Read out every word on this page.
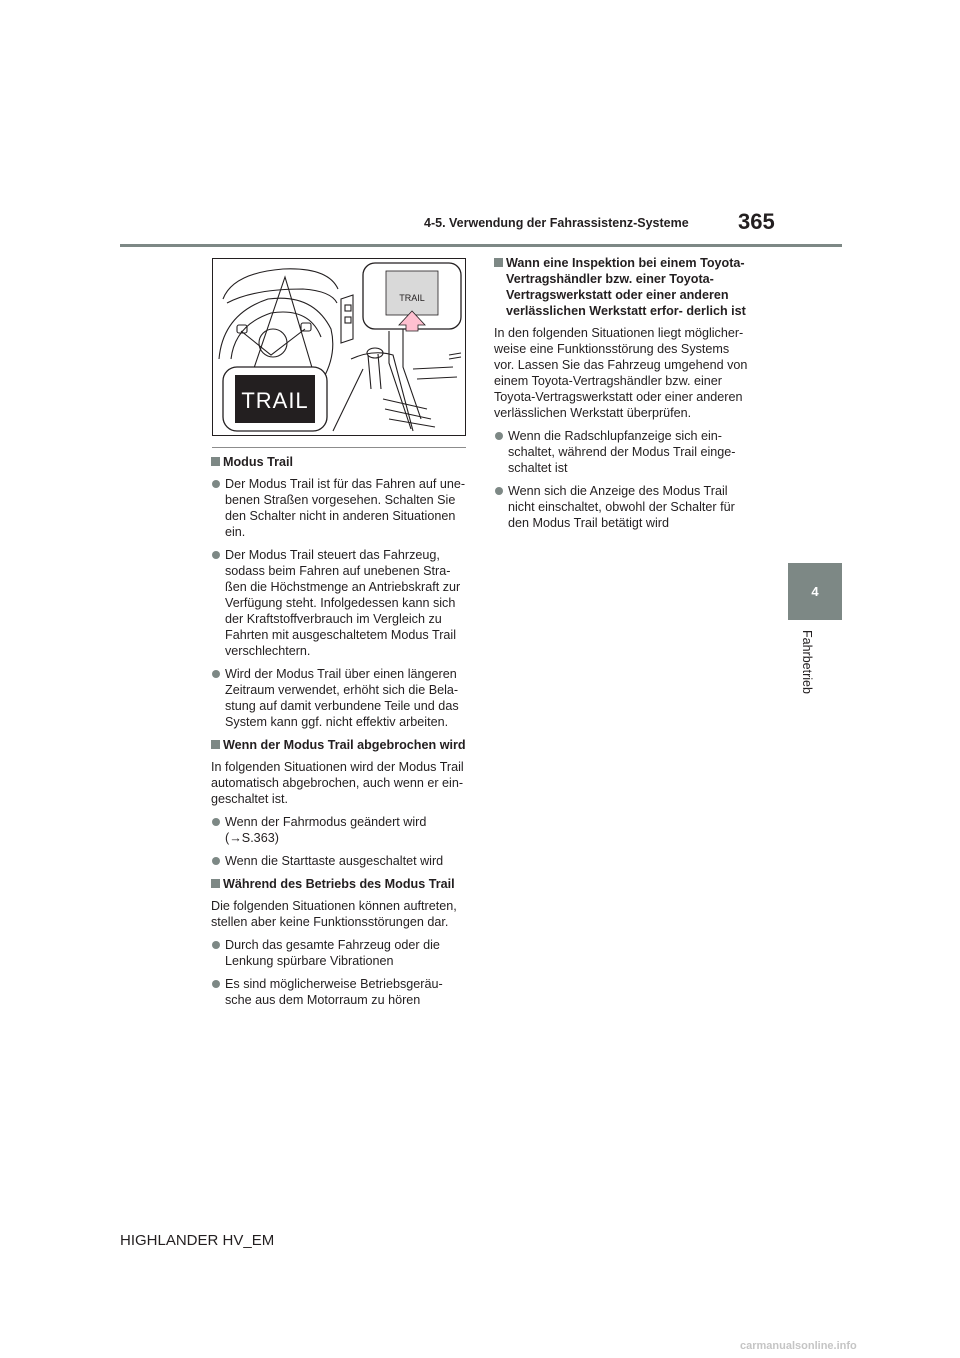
4-5. Verwendung der Fahrassistenz-Systeme 365
4
Fahrbetrieb
TRAIL
TRAIL
Modus Trail

Der Modus Trail ist für das Fahren auf une- benen Straßen vorgesehen. Schalten Sie den Schalter nicht in anderen Situationen ein.

Der Modus Trail steuert das Fahrzeug, sodass beim Fahren auf unebenen Stra- ßen die Höchstmenge an Antriebskraft zur Verfügung steht. Infolgedessen kann sich der Kraftstoffverbrauch im Vergleich zu Fahrten mit ausgeschaltetem Modus Trail verschlechtern.

Wird der Modus Trail über einen längeren Zeitraum verwendet, erhöht sich die Bela- stung auf damit verbundene Teile und das System kann ggf. nicht effektiv arbeiten.

Wenn der Modus Trail abgebrochen wird

In folgenden Situationen wird der Modus Trail automatisch abgebrochen, auch wenn er ein- geschaltet ist.

Wenn der Fahrmodus geändert wird (→S.363)

Wenn die Starttaste ausgeschaltet wird

Während des Betriebs des Modus Trail

Die folgenden Situationen können auftreten, stellen aber keine Funktionsstörungen dar.

Durch das gesamte Fahrzeug oder die Lenkung spürbare Vibrationen

Es sind möglicherweise Betriebsgeräu- sche aus dem Motorraum zu hören

Wann eine Inspektion bei einem Toyota-Vertragshändler bzw. einer Toyota-Vertragswerkstatt oder einer anderen verlässlichen Werkstatt erfor- derlich ist

In den folgenden Situationen liegt möglicher- weise eine Funktionsstörung des Systems vor. Lassen Sie das Fahrzeug umgehend von einem Toyota-Vertragshändler bzw. einer Toyota-Vertragswerkstatt oder einer anderen verlässlichen Werkstatt überprüfen.

Wenn die Radschlupfanzeige sich ein- schaltet, während der Modus Trail einge- schaltet ist

Wenn sich die Anzeige des Modus Trail nicht einschaltet, obwohl der Schalter für den Modus Trail betätigt wird

HIGHLANDER HV_EM
carmanualsonline.info
